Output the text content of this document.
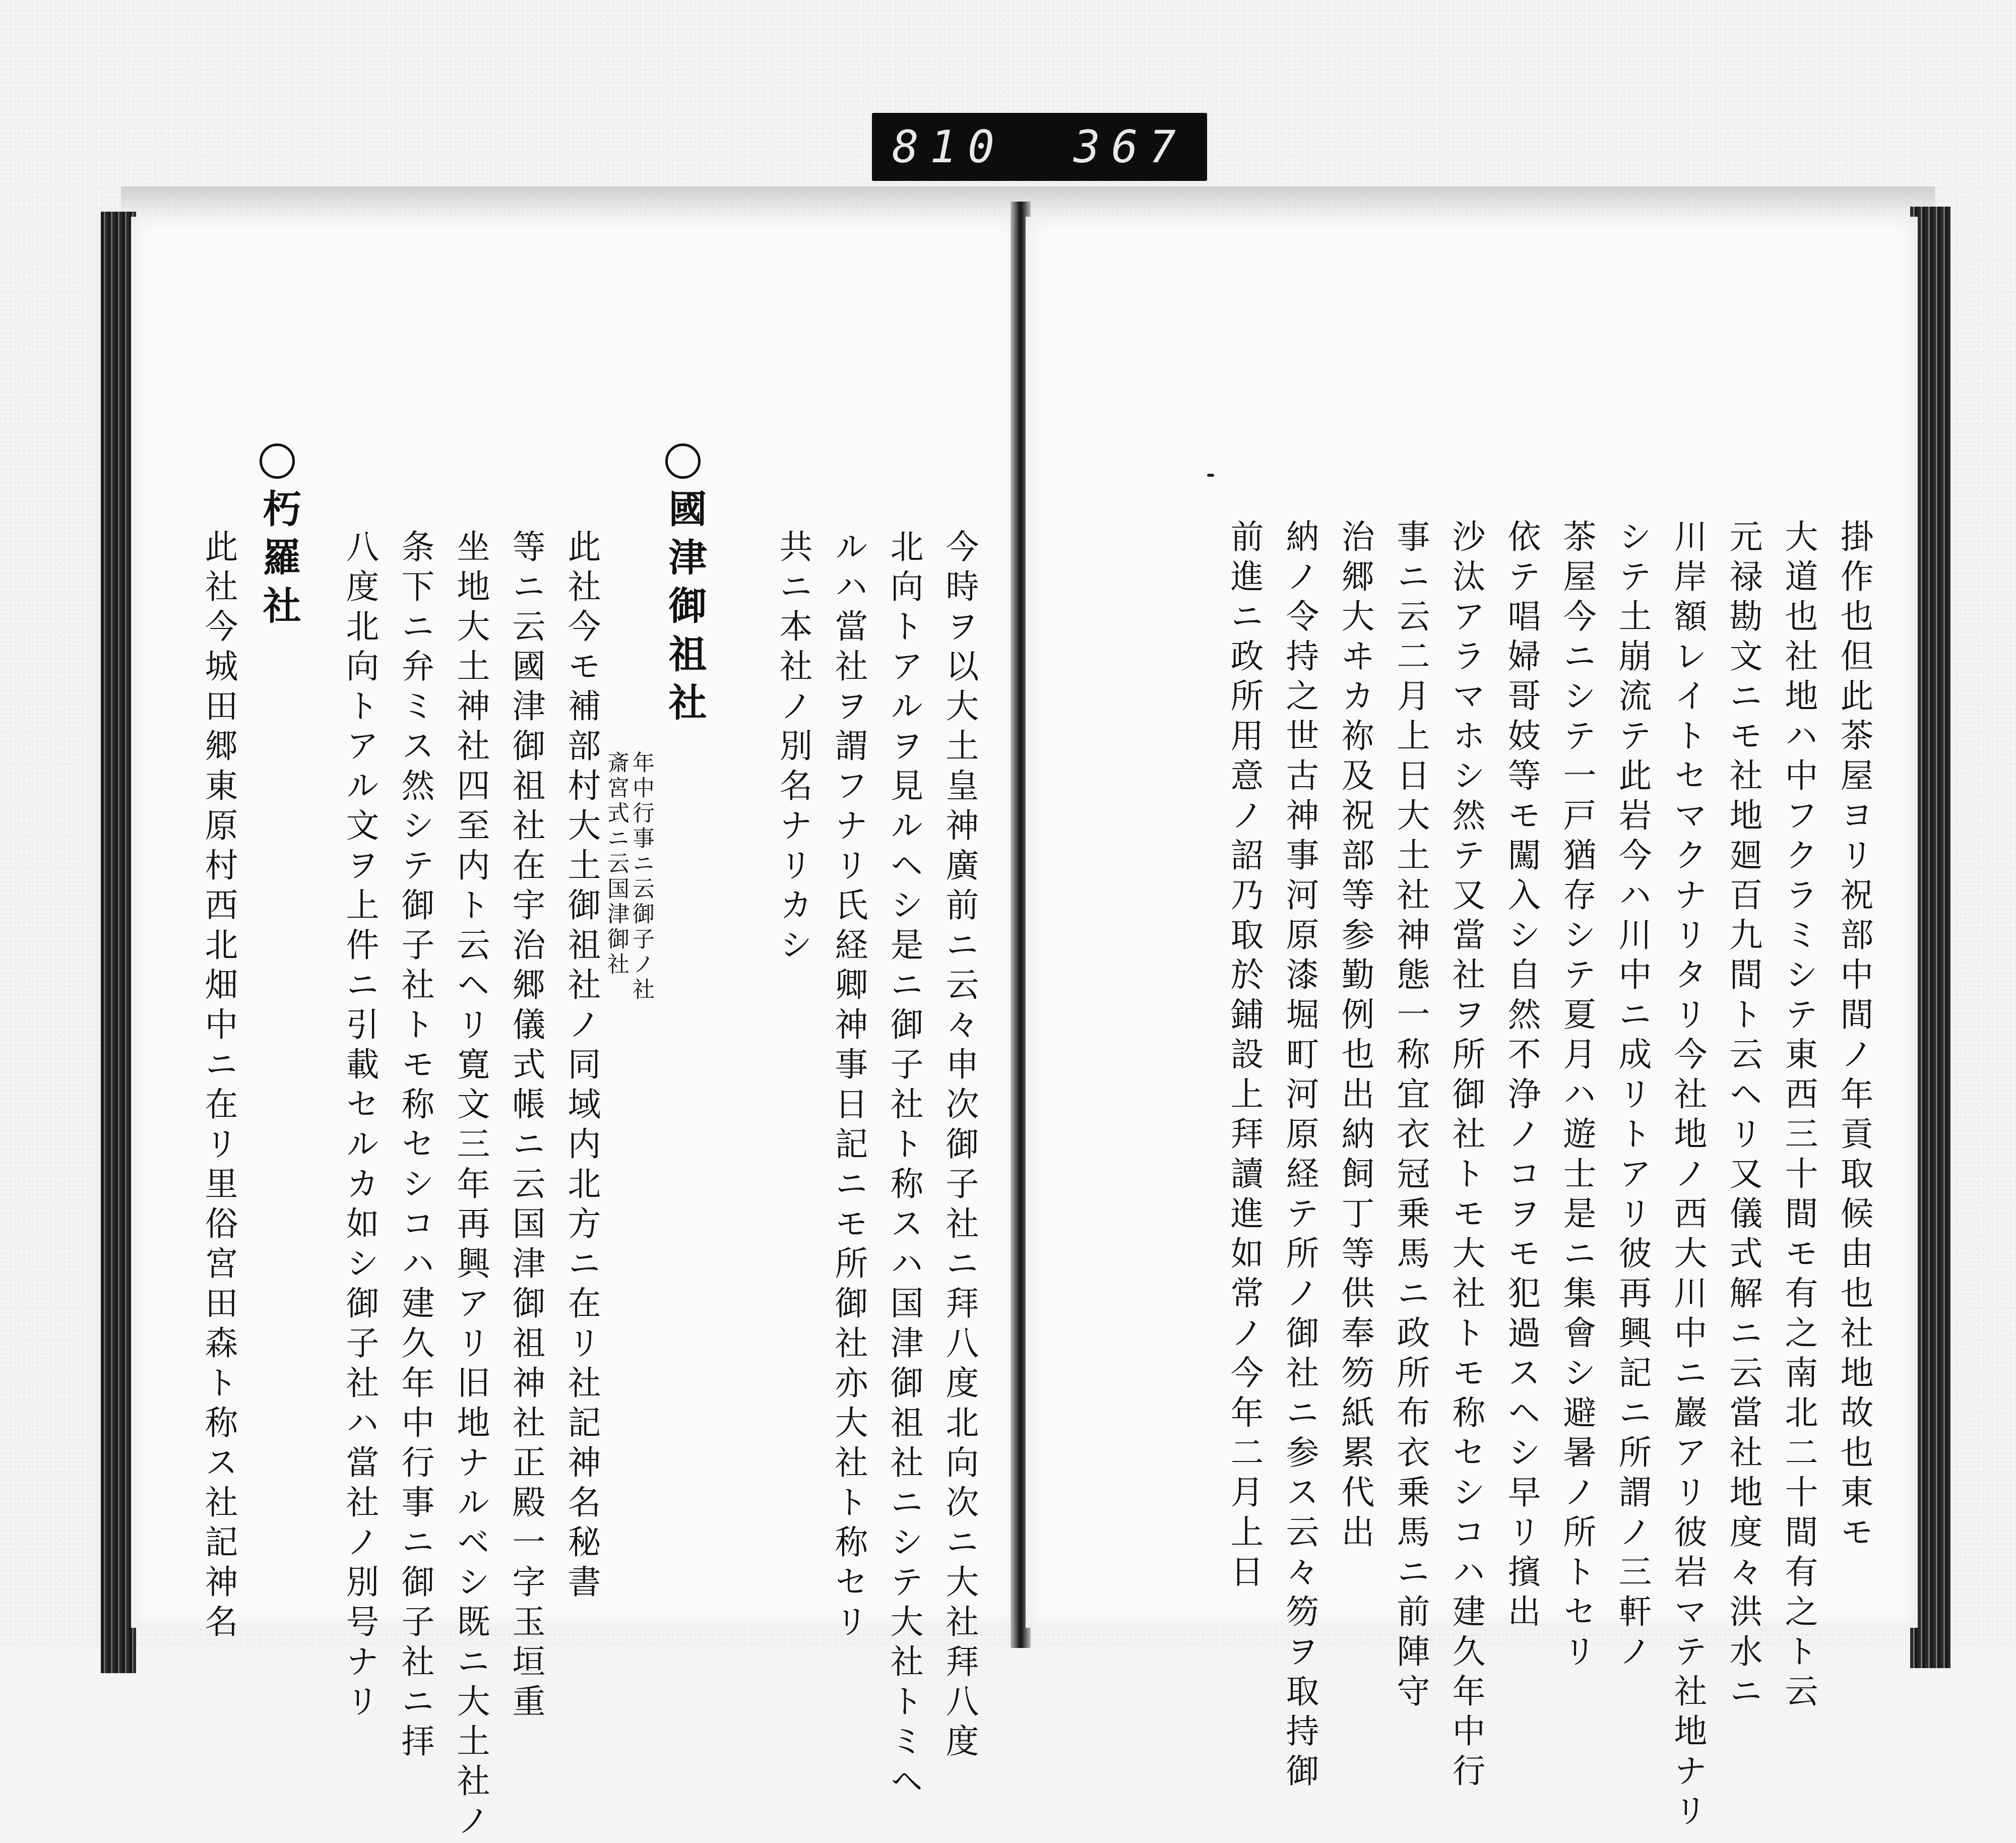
810 367
今時ヲ以大土皇神廣前ニ云々申次御子社ニ拜八度北向次ニ大社拜八度
北向トアルヲ見ルヘシ是ニ御子社ト称スハ国津御祖社ニシテ大社トミヘ
ルハ當社ヲ謂フナリ氏経卿神事日記ニモ所御社亦大社ト称セリ
共ニ本社ノ別名ナリカシ
國津御祖社
年中行事ニ云御子ノ社
斎宮式ニ云国津御社
此社今モ補部村大土御祖社ノ同域内北方ニ在リ社記神名秘書
等ニ云國津御祖社在宇治郷儀式帳ニ云国津御祖神社正殿一字玉垣重
坐地大土神社四至内ト云ヘリ寛文三年再興アリ旧地ナルベシ既ニ大土社ノ
条下ニ弁ミス然シテ御子社トモ称セシコハ建久年中行事ニ御子社ニ拝
八度北向トアル文ヲ上件ニ引載セルカ如シ御子社ハ當社ノ別号ナリ
朽羅社
此社今城田郷東原村西北畑中ニ在リ里俗宮田森ト称ス社記神名	掛作也但此茶屋ヨリ祝部中間ノ年貢取候由也社地故也東モ
大道也社地ハ中フクラミシテ東西三十間モ有之南北二十間有之ト云
元禄勘文ニモ社地廻百九間ト云ヘリ又儀式解ニ云當社地度々洪水ニ
川岸額レイトセマクナリタリ今社地ノ西大川中ニ巖アリ彼岩マテ社地ナリ
シテ土崩流テ此岩今ハ川中ニ成リトアリ彼再興記ニ所謂ノ三軒ノ
茶屋今ニシテ一戸猶存シテ夏月ハ遊士是ニ集會シ避暑ノ所トセリ
依テ唱婦哥妓等モ闖入シ自然不浄ノコヲモ犯過スヘシ早リ擯出
沙汰アラマホシ然テ又當社ヲ所御社トモ大社トモ称セシコハ建久年中行
事ニ云二月上日大土社神態一称宜衣冠乗馬ニ政所布衣乗馬ニ前陣守
治郷大ヰカ祢及祝部等参勤例也出納飼丁等供奉笏紙累代出
納ノ令持之世古神事河原漆堀町河原経テ所ノ御社ニ参ス云々笏ヲ取持御
前進ニ政所用意ノ詔乃取於鋪設上拜讀進如常ノ今年二月上日
